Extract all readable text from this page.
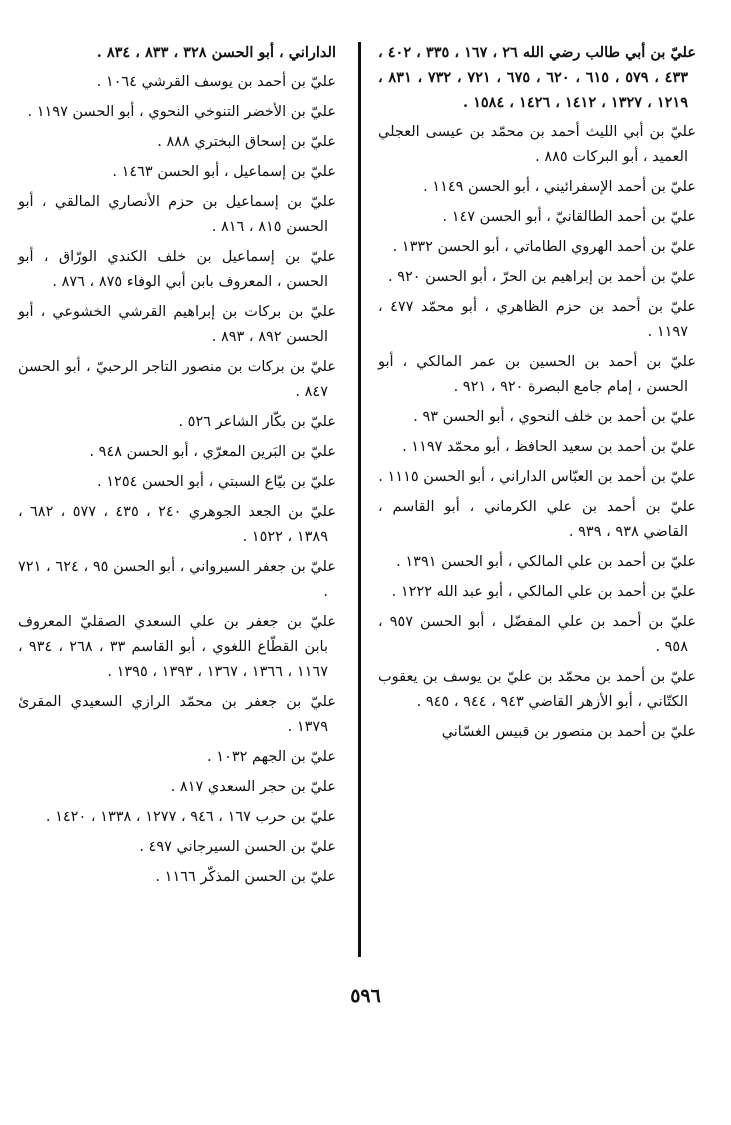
عليّ بن أبي طالب رضي الله ٢٦ ، ١٦٧ ، ٣٣٥ ، ٤٠٢ ، ٤٣٣ ، ٥٧٩ ، ٦١٥ ، ٦٢٠ ، ٦٧٥ ، ٧٢١ ، ٧٣٢ ، ٨٣١ ، ١٢١٩ ، ١٣٢٧ ، ١٤١٢ ، ١٤٢٦ ، ١٥٨٤ .

عليّ بن أبي الليث أحمد بن محمّد بن عيسى العجلي العميد ، أبو البركات ٨٨٥ .

عليّ بن أحمد الإسفرائيني ، أبو الحسن ١١٤٩ .

عليّ بن أحمد الطالقانيّ ، أبو الحسن ١٤٧ .

عليّ بن أحمد الهروي الطاماتي ، أبو الحسن ١٣٣٢ .

عليّ بن أحمد بن إبراهيم بن الحرّ ، أبو الحسن ٩٢٠ .

عليّ بن أحمد بن حزم الظاهري ، أبو محمّد ٤٧٧ ، ١١٩٧ .

عليّ بن أحمد بن الحسين بن عمر المالكي ، أبو الحسن ، إمام جامع البصرة ٩٢٠ ، ٩٢١ .

عليّ بن أحمد بن خلف النحوي ، أبو الحسن ٩٣ .

عليّ بن أحمد بن سعيد الحافظ ، أبو محمّد ١١٩٧ .

عليّ بن أحمد بن العبّاس الداراني ، أبو الحسن ١١١٥ .

عليّ بن أحمد بن علي الكرماني ، أبو القاسم ، القاضي ٩٣٨ ، ٩٣٩ .

عليّ بن أحمد بن علي المالكي ، أبو الحسن ١٣٩١ .

عليّ بن أحمد بن علي المالكي ، أبو عبد الله ١٢٢٢ .

عليّ بن أحمد بن علي المفضّل ، أبو الحسن ٩٥٧ ، ٩٥٨ .

عليّ بن أحمد بن محمّد بن عليّ بن يوسف بن يعقوب الكتّاني ، أبو الأزهر القاضي ٩٤٣ ، ٩٤٤ ، ٩٤٥ .

عليّ بن أحمد بن منصور بن قبيس الغسّاني

الداراني ، أبو الحسن ٣٢٨ ، ٨٣٣ ، ٨٣٤ .

عليّ بن أحمد بن يوسف القرشي ١٠٦٤ .

عليّ بن الأخضر التنوخي النحوي ، أبو الحسن ١١٩٧ .

عليّ بن إسحاق البختري ٨٨٨ .

عليّ بن إسماعيل ، أبو الحسن ١٤٦٣ .

عليّ بن إسماعيل بن حزم الأنصاري المالقي ، أبو الحسن ٨١٥ ، ٨١٦ .

عليّ بن إسماعيل بن خلف الكندي الورّاق ، أبو الحسن ، المعروف بابن أبي الوفاء ٨٧٥ ، ٨٧٦ .

عليّ بن بركات بن إبراهيم القرشي الخشوعي ، أبو الحسن ٨٩٢ ، ٨٩٣ .

عليّ بن بركات بن منصور التاجر الرحبيّ ، أبو الحسن ٨٤٧ .

عليّ بن بكّار الشاعر ٥٢٦ .

عليّ بن البَرين المعرّي ، أبو الحسن ٩٤٨ .

عليّ بن بيّاع السبتي ، أبو الحسن ١٢٥٤ .

عليّ بن الجعد الجوهري ٢٤٠ ، ٤٣٥ ، ٥٧٧ ، ٦٨٢ ، ١٣٨٩ ، ١٥٢٢ .

عليّ بن جعفر السيرواني ، أبو الحسن ٩٥ ، ٦٢٤ ، ٧٢١ .

عليّ بن جعفر بن علي السعدي الصقليّ المعروف بابن القطّاع اللغوي ، أبو القاسم ٣٣ ، ٢٦٨ ، ٩٣٤ ، ١١٦٧ ، ١٣٦٦ ، ١٣٦٧ ، ١٣٩٣ ، ١٣٩٥ .

عليّ بن جعفر بن محمّد الرازي السعيدي المقرئ ١٣٧٩ .

عليّ بن الجهم ١٠٣٢ .

عليّ بن حجر السعدي ٨١٧ .

عليّ بن حرب ١٦٧ ، ٩٤٦ ، ١٢٧٧ ، ١٣٣٨ ، ١٤٢٠ .

عليّ بن الحسن السيرجاني ٤٩٧ .

عليّ بن الحسن المذكّر ١١٦٦ .

٥٩٦
